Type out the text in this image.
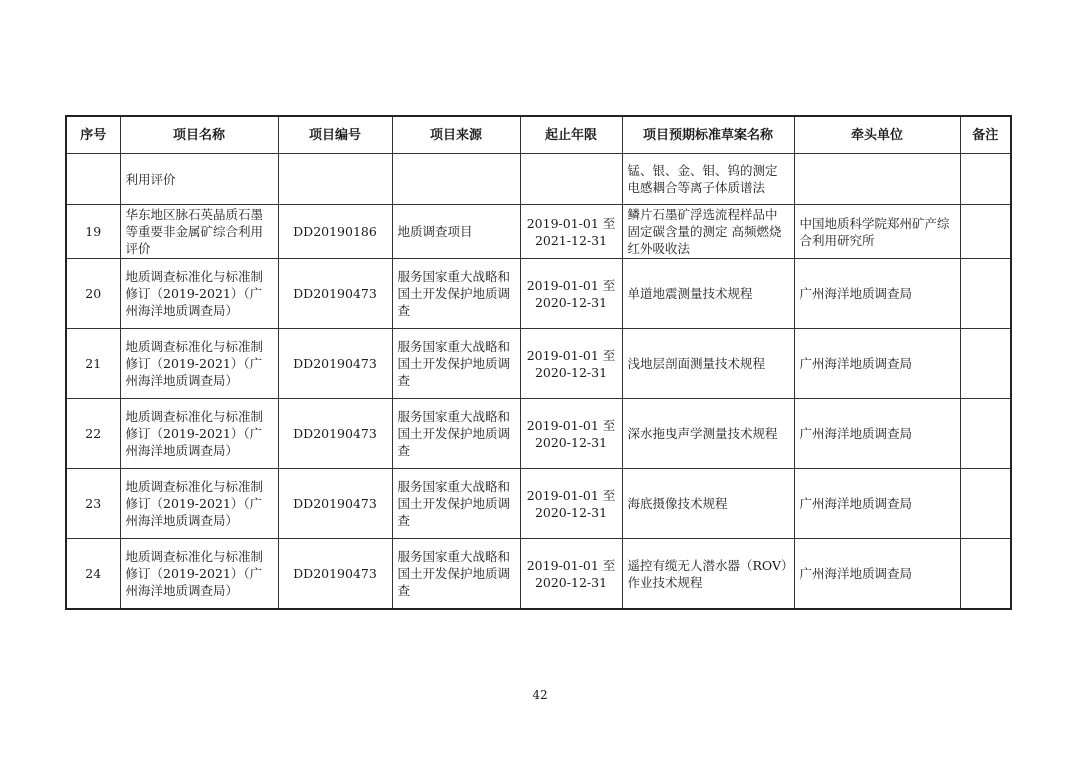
序号	项目名称	项目编号	项目来源	起止年限	项目预期标准草案名称	牵头单位	备注
	利用评价				锰、银、金、钼、钨的测定 电感耦合等离子体质谱法		
19	华东地区脉石英晶质石墨等重要非金属矿综合利用评价	DD20190186	地质调查项目	2019-01-01 至 2021-12-31	鳞片石墨矿浮选流程样品中固定碳含量的测定 高频燃烧红外吸收法	中国地质科学院郑州矿产综合利用研究所	
20	地质调查标准化与标准制修订（2019-2021）（广州海洋地质调查局）	DD20190473	服务国家重大战略和国土开发保护地质调查	2019-01-01 至 2020-12-31	单道地震测量技术规程	广州海洋地质调查局	
21	地质调查标准化与标准制修订（2019-2021）（广州海洋地质调查局）	DD20190473	服务国家重大战略和国土开发保护地质调查	2019-01-01 至 2020-12-31	浅地层剖面测量技术规程	广州海洋地质调查局	
22	地质调查标准化与标准制修订（2019-2021）（广州海洋地质调查局）	DD20190473	服务国家重大战略和国土开发保护地质调查	2019-01-01 至 2020-12-31	深水拖曳声学测量技术规程	广州海洋地质调查局	
23	地质调查标准化与标准制修订（2019-2021）（广州海洋地质调查局）	DD20190473	服务国家重大战略和国土开发保护地质调查	2019-01-01 至 2020-12-31	海底摄像技术规程	广州海洋地质调查局	
24	地质调查标准化与标准制修订（2019-2021）（广州海洋地质调查局）	DD20190473	服务国家重大战略和国土开发保护地质调查	2019-01-01 至 2020-12-31	遥控有缆无人潜水器（ROV）作业技术规程	广州海洋地质调查局	
42
